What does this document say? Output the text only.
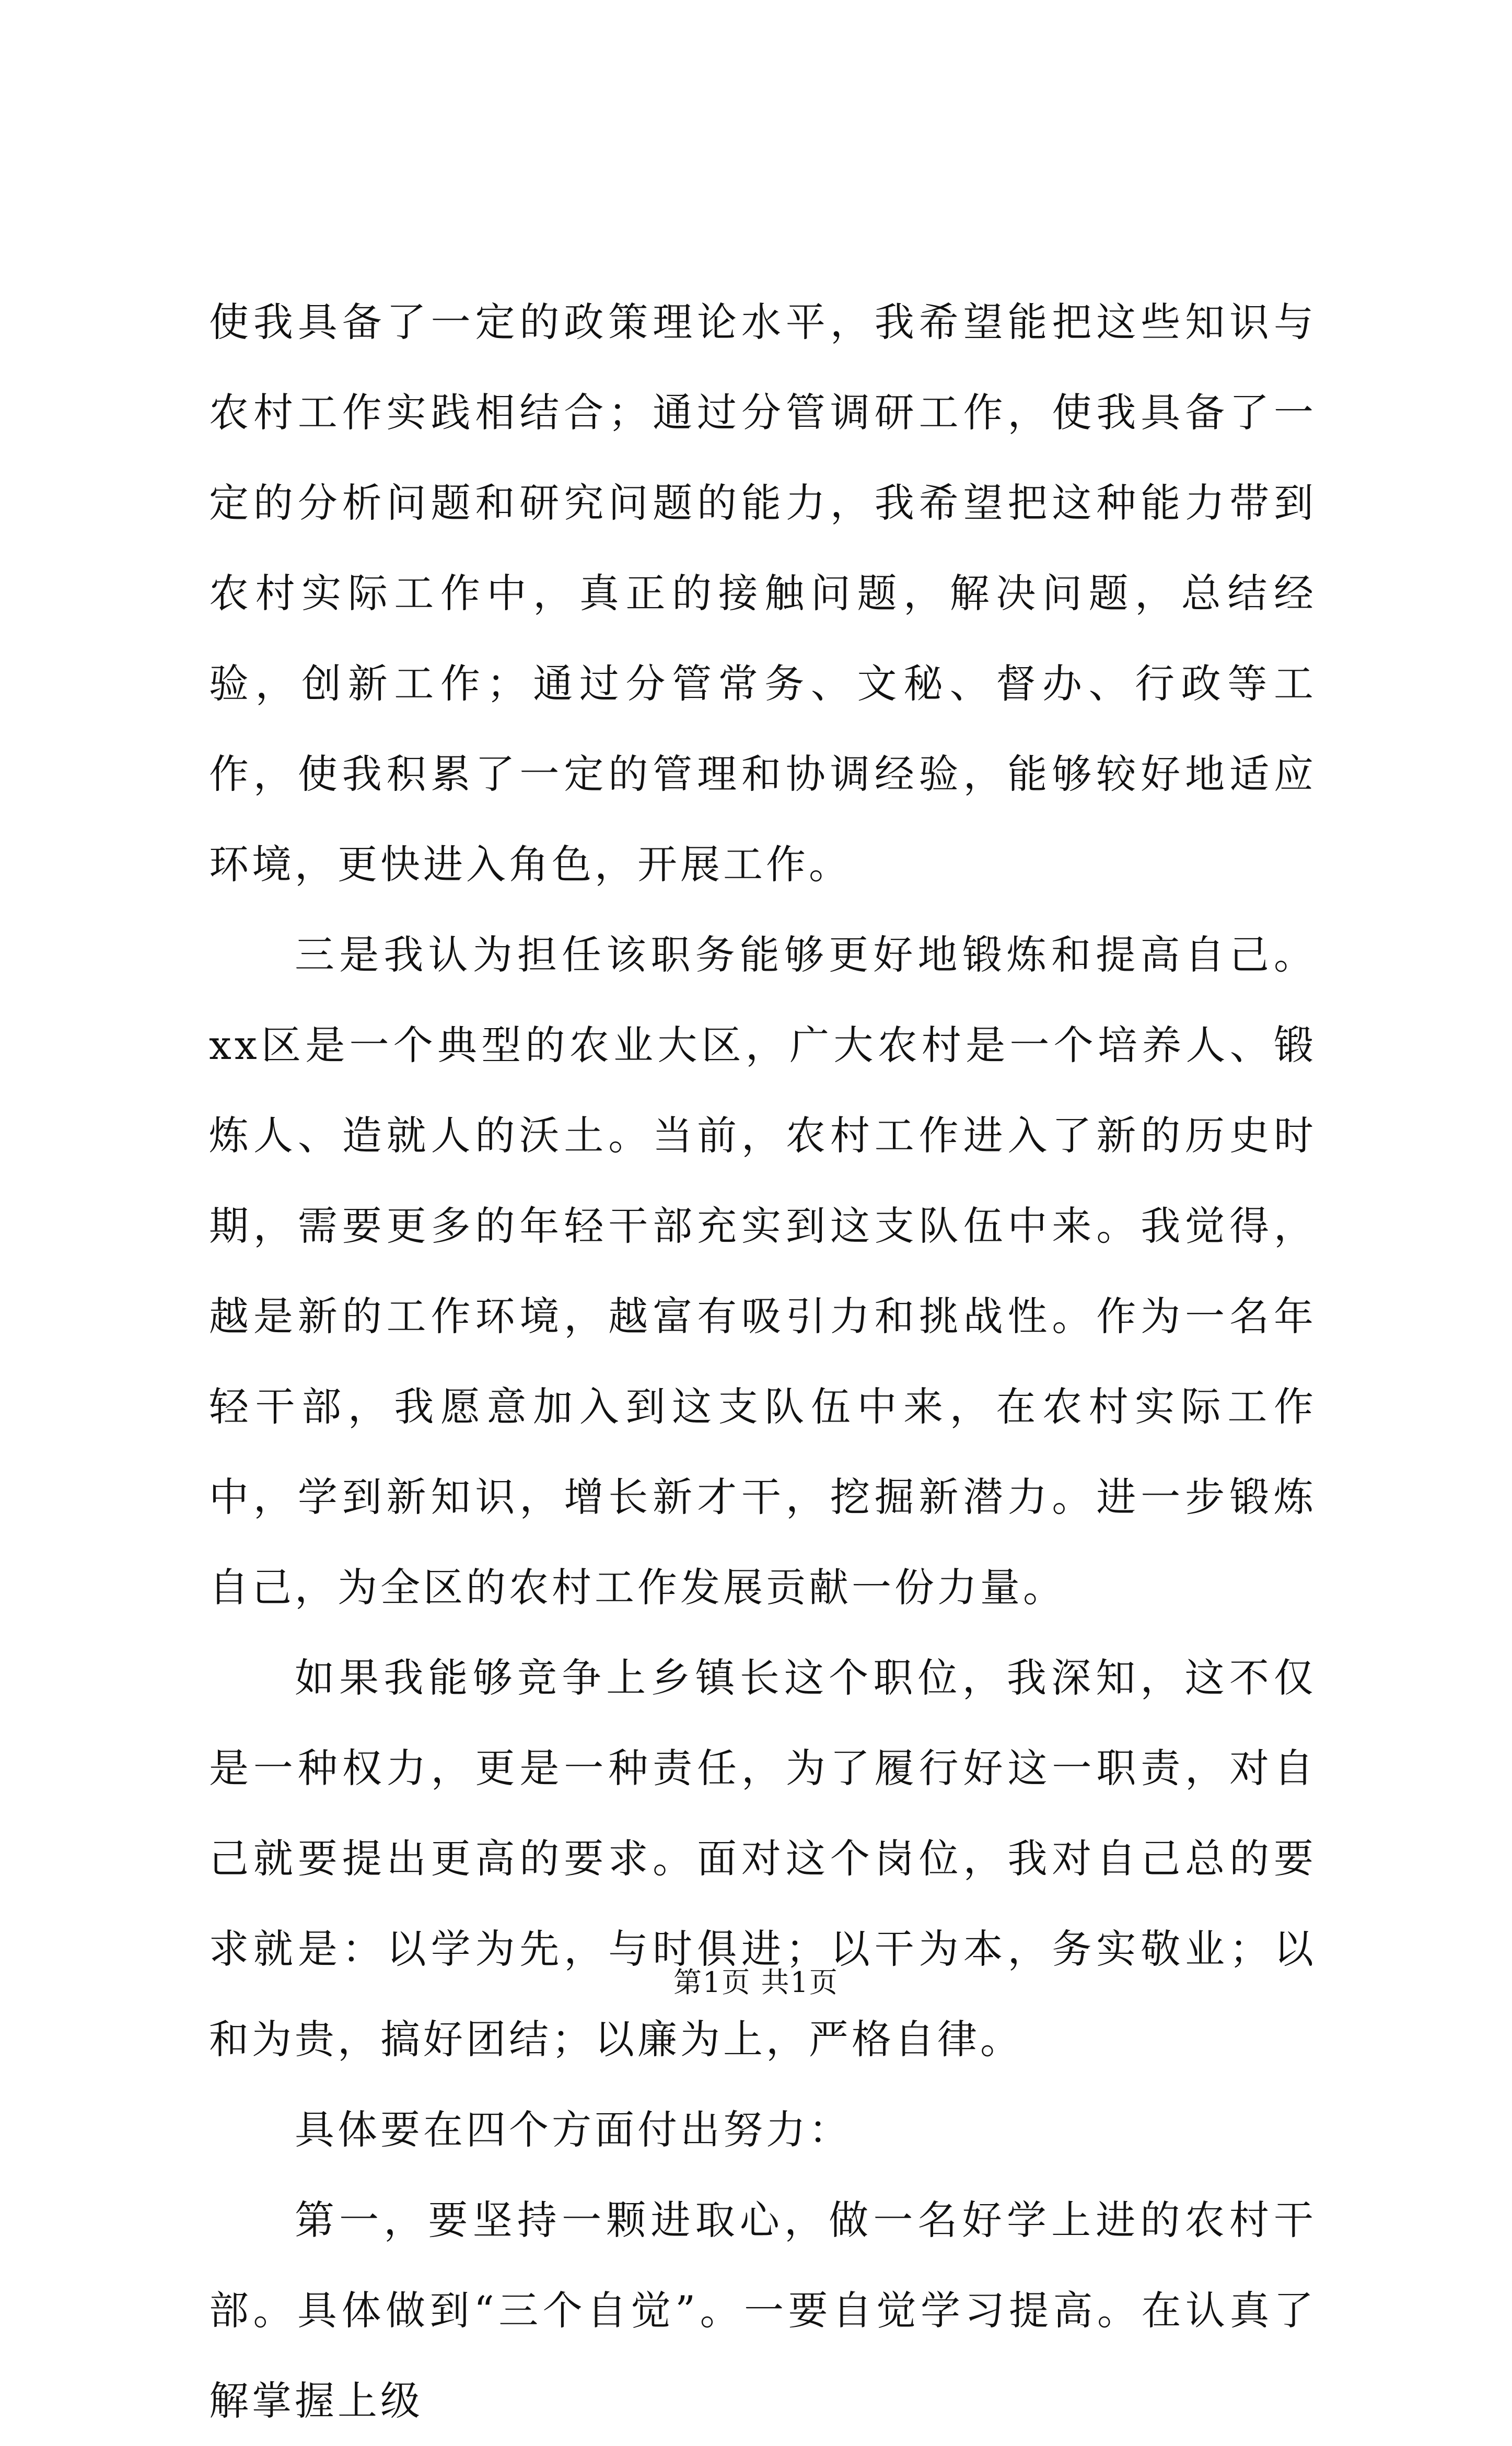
使我具备了一定的政策理论水平，我希望能把这些知识与农村工作实践相结合；通过分管调研工作，使我具备了一定的分析问题和研究问题的能力，我希望把这种能力带到农村实际工作中，真正的接触问题，解决问题，总结经验，创新工作；通过分管常务、文秘、督办、行政等工作，使我积累了一定的管理和协调经验，能够较好地适应环境，更快进入角色，开展工作。

三是我认为担任该职务能够更好地锻炼和提高自己。xx区是一个典型的农业大区，广大农村是一个培养人、锻炼人、造就人的沃土。当前，农村工作进入了新的历史时期，需要更多的年轻干部充实到这支队伍中来。我觉得，越是新的工作环境，越富有吸引力和挑战性。作为一名年轻干部，我愿意加入到这支队伍中来，在农村实际工作中，学到新知识，增长新才干，挖掘新潜力。进一步锻炼自己，为全区的农村工作发展贡献一份力量。

如果我能够竞争上乡镇长这个职位，我深知，这不仅是一种权力，更是一种责任，为了履行好这一职责，对自己就要提出更高的要求。面对这个岗位，我对自己总的要求就是：以学为先，与时俱进；以干为本，务实敬业；以和为贵，搞好团结；以廉为上，严格自律。

具体要在四个方面付出努力：

第一，要坚持一颗进取心，做一名好学上进的农村干部。具体做到“三个自觉”。一要自觉学习提高。在认真了解掌握上级

第1页 共1页
